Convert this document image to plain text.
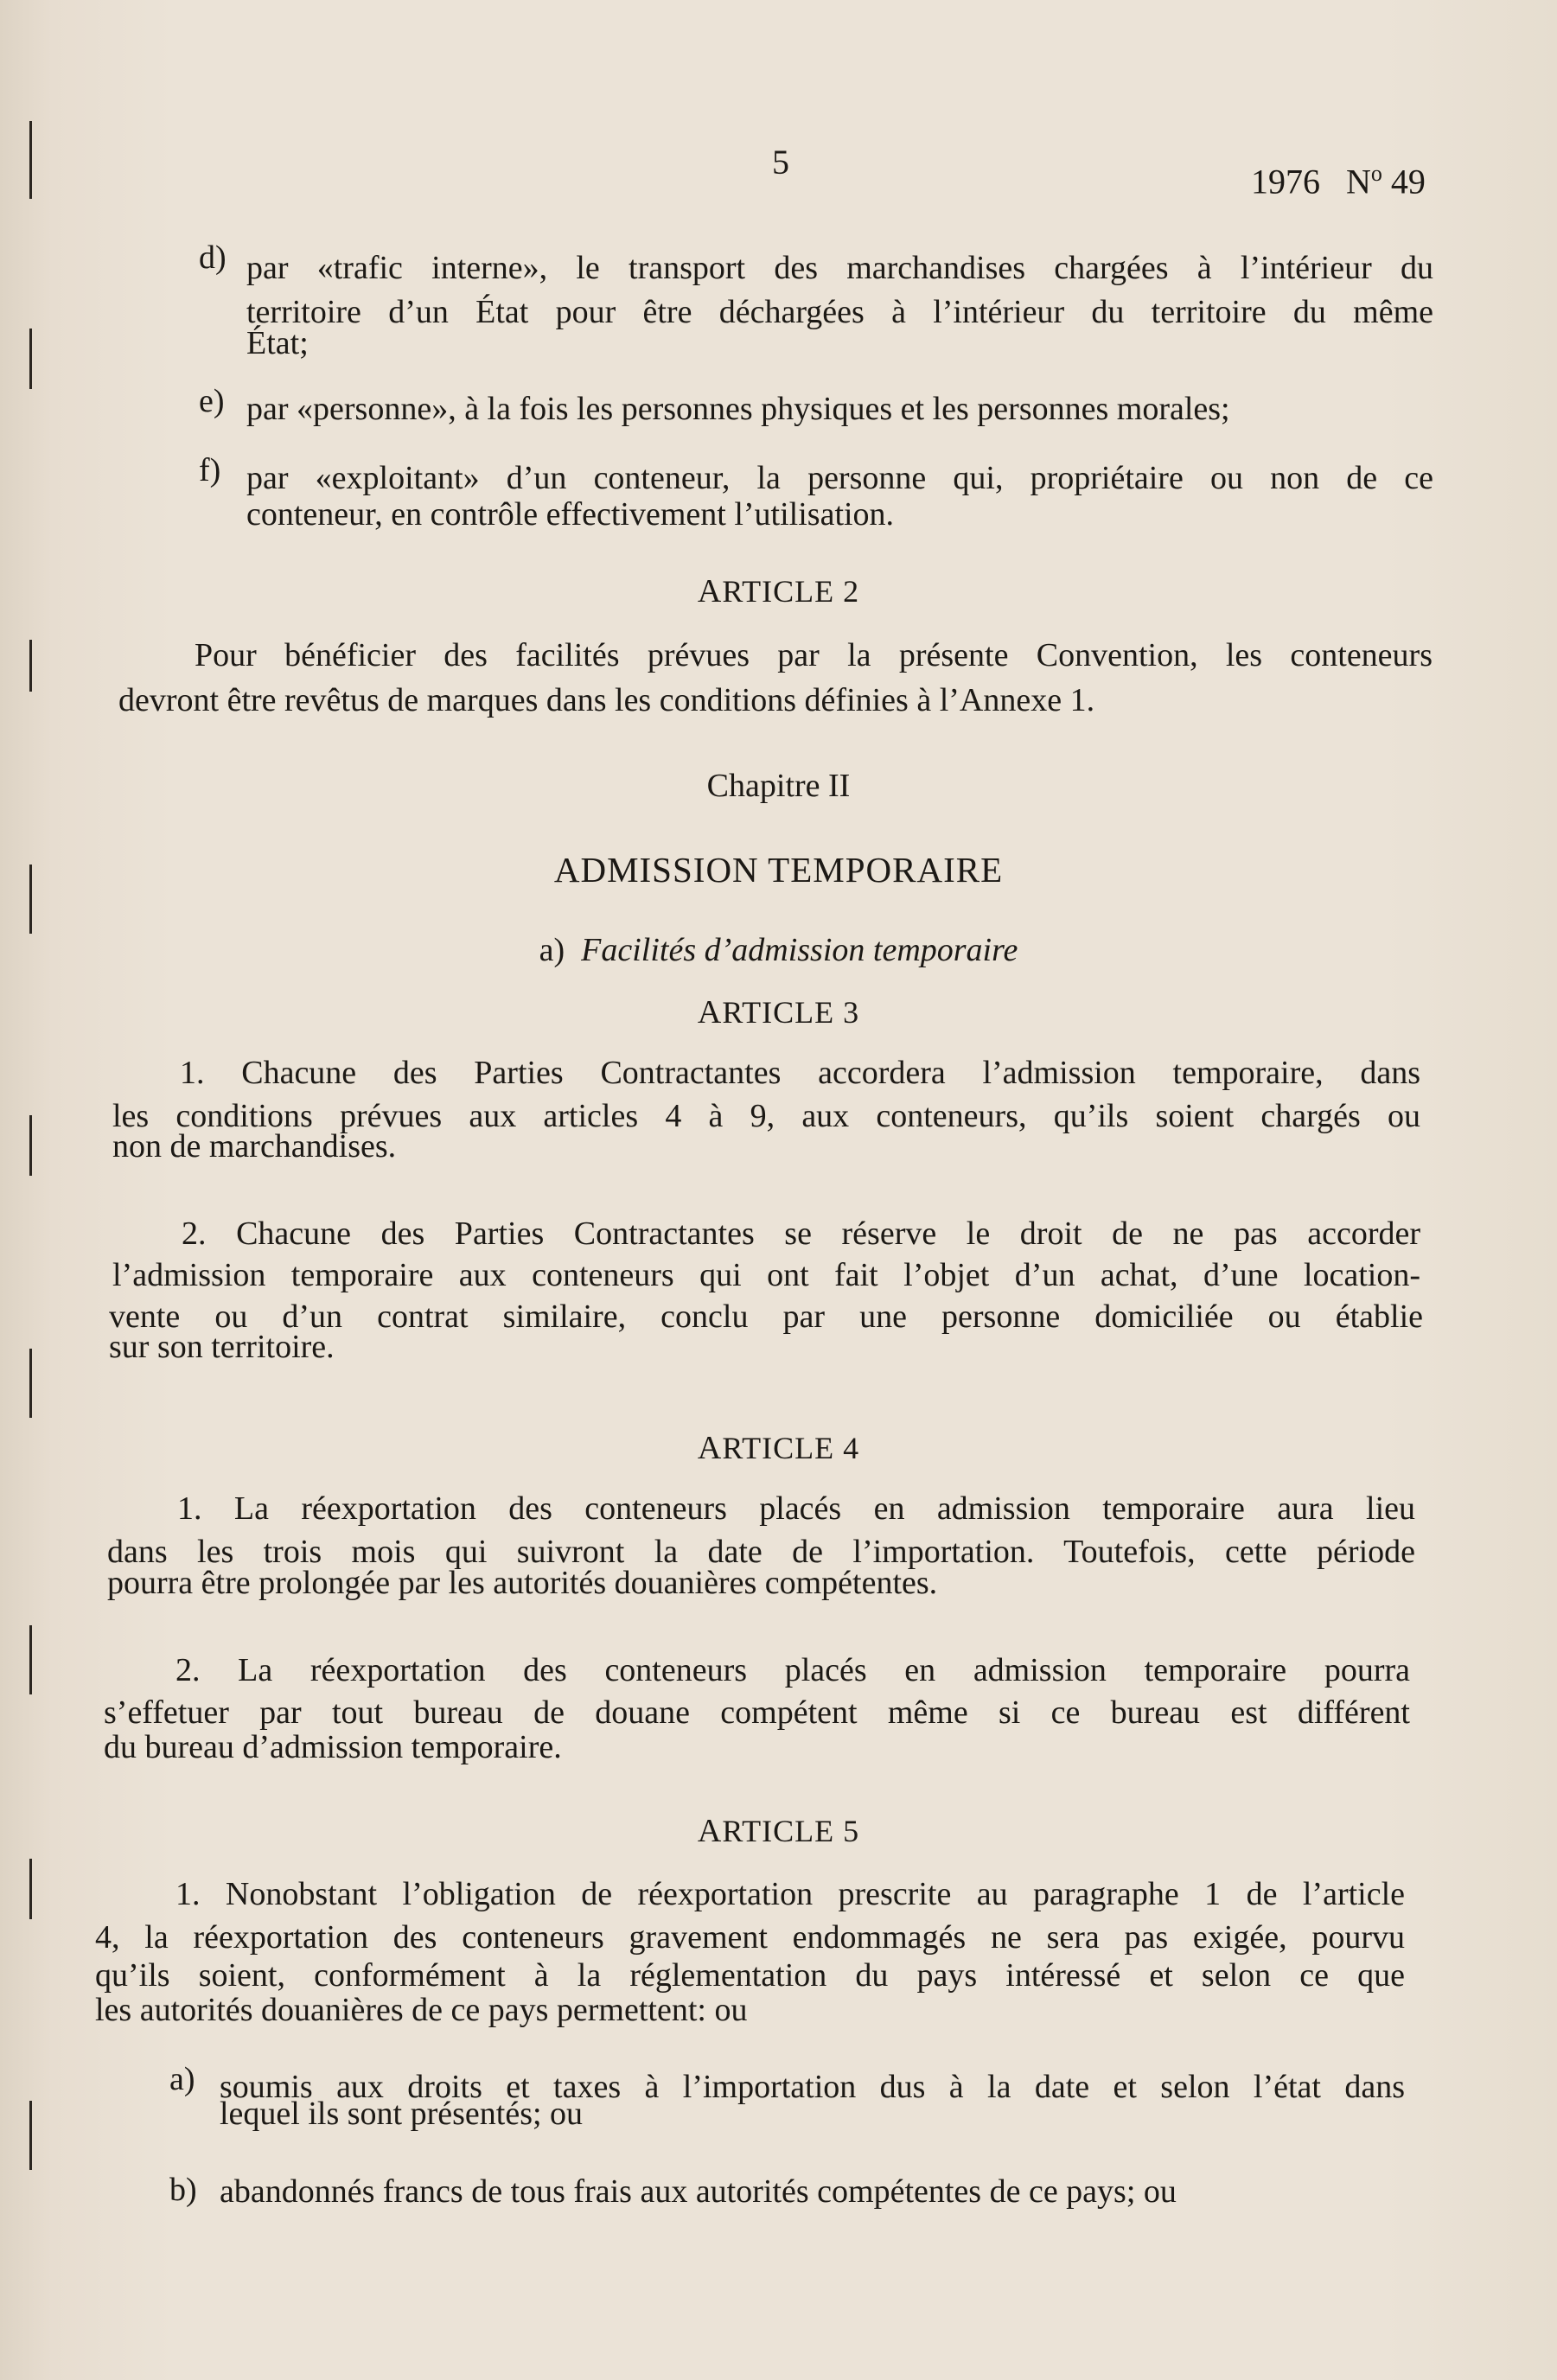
5	1976   $N^o$ 49
d) par «trafic interne», le transport des marchandises chargées à l’intérieur du
territoire d’un État pour être déchargées à l’intérieur du territoire du même
État;
e) par «personne», à la fois les personnes physiques et les personnes morales;
f) par «exploitant» d’un conteneur, la personne qui, propriétaire ou non de ce
conteneur, en contrôle effectivement l’utilisation.
ARTICLE 2
Pour bénéficier des facilités prévues par la présente Convention, les conteneurs
devront être revêtus de marques dans les conditions définies à l’Annexe 1.
Chapitre II
ADMISSION TEMPORAIRE
a) Facilités d’admission temporaire
ARTICLE 3
1. Chacune des Parties Contractantes accordera l’admission temporaire, dans
les conditions prévues aux articles 4 à 9, aux conteneurs, qu’ils soient chargés ou
non de marchandises.
2. Chacune des Parties Contractantes se réserve le droit de ne pas accorder
l’admission temporaire aux conteneurs qui ont fait l’objet d’un achat, d’une location-
vente ou d’un contrat similaire, conclu par une personne domiciliée ou établie
sur son territoire.
ARTICLE 4
1. La réexportation des conteneurs placés en admission temporaire aura lieu
dans les trois mois qui suivront la date de l’importation. Toutefois, cette période
pourra être prolongée par les autorités douanières compétentes.
2. La réexportation des conteneurs placés en admission temporaire pourra
s’effetuer par tout bureau de douane compétent même si ce bureau est différent
du bureau d’admission temporaire.
ARTICLE 5
1. Nonobstant l’obligation de réexportation prescrite au paragraphe 1 de l’article
4, la réexportation des conteneurs gravement endommagés ne sera pas exigée, pourvu
qu’ils soient, conformément à la réglementation du pays intéressé et selon ce que
les autorités douanières de ce pays permettent: ou
a) soumis aux droits et taxes à l’importation dus à la date et selon l’état dans
lequel ils sont présentés; ou
b) abandonnés francs de tous frais aux autorités compétentes de ce pays; ou
